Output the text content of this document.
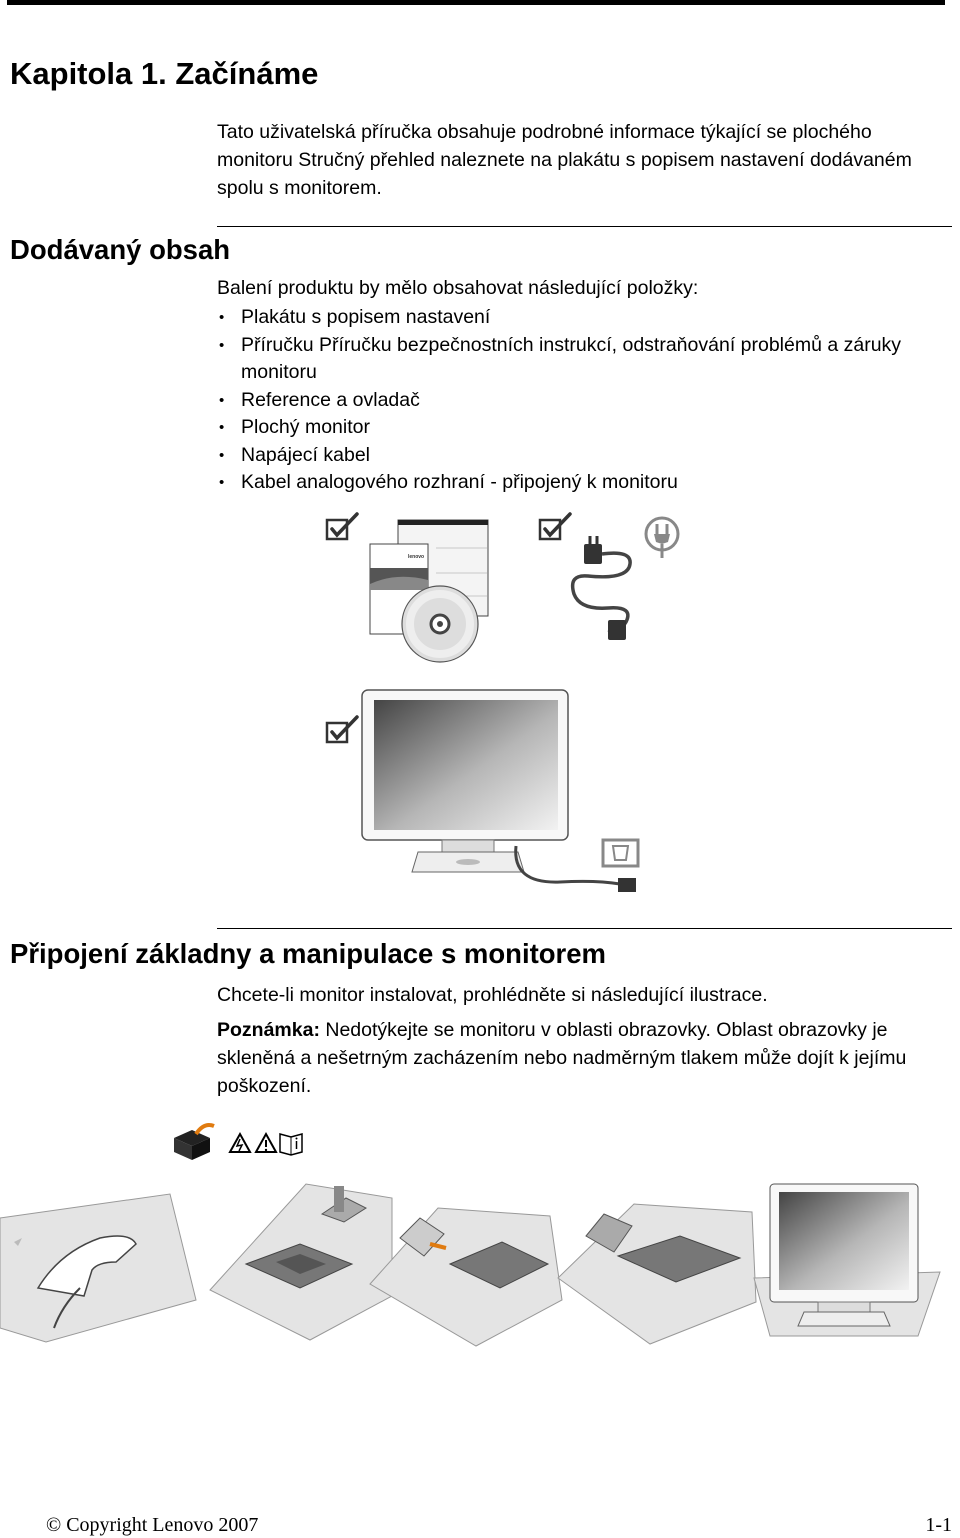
Kapitola 1. Začínáme

Tato uživatelská příručka obsahuje podrobné informace týkající se plochého monitoru Stručný přehled naleznete na plakátu s popisem nastavení dodávaném spolu s monitorem.

Dodávaný obsah

Balení produktu by mělo obsahovat následující položky:

• Plakátu s popisem nastavení
• Příručku Příručku bezpečnostních instrukcí, odstraňování problémů a záruky monitoru
• Reference a ovladač
• Plochý monitor
• Napájecí kabel
• Kabel analogového rozhraní - připojený k monitoru
lenovo
Připojení základny a manipulace s monitorem

Chcete-li monitor instalovat, prohlédněte si následující ilustrace.

Poznámka: Nedotýkejte se monitoru v oblasti obrazovky. Oblast obrazovky je skleněná a nešetrným zacházením nebo nadměrným tlakem může dojít k jejímu poškození.

© Copyright Lenovo 2007	1-1
